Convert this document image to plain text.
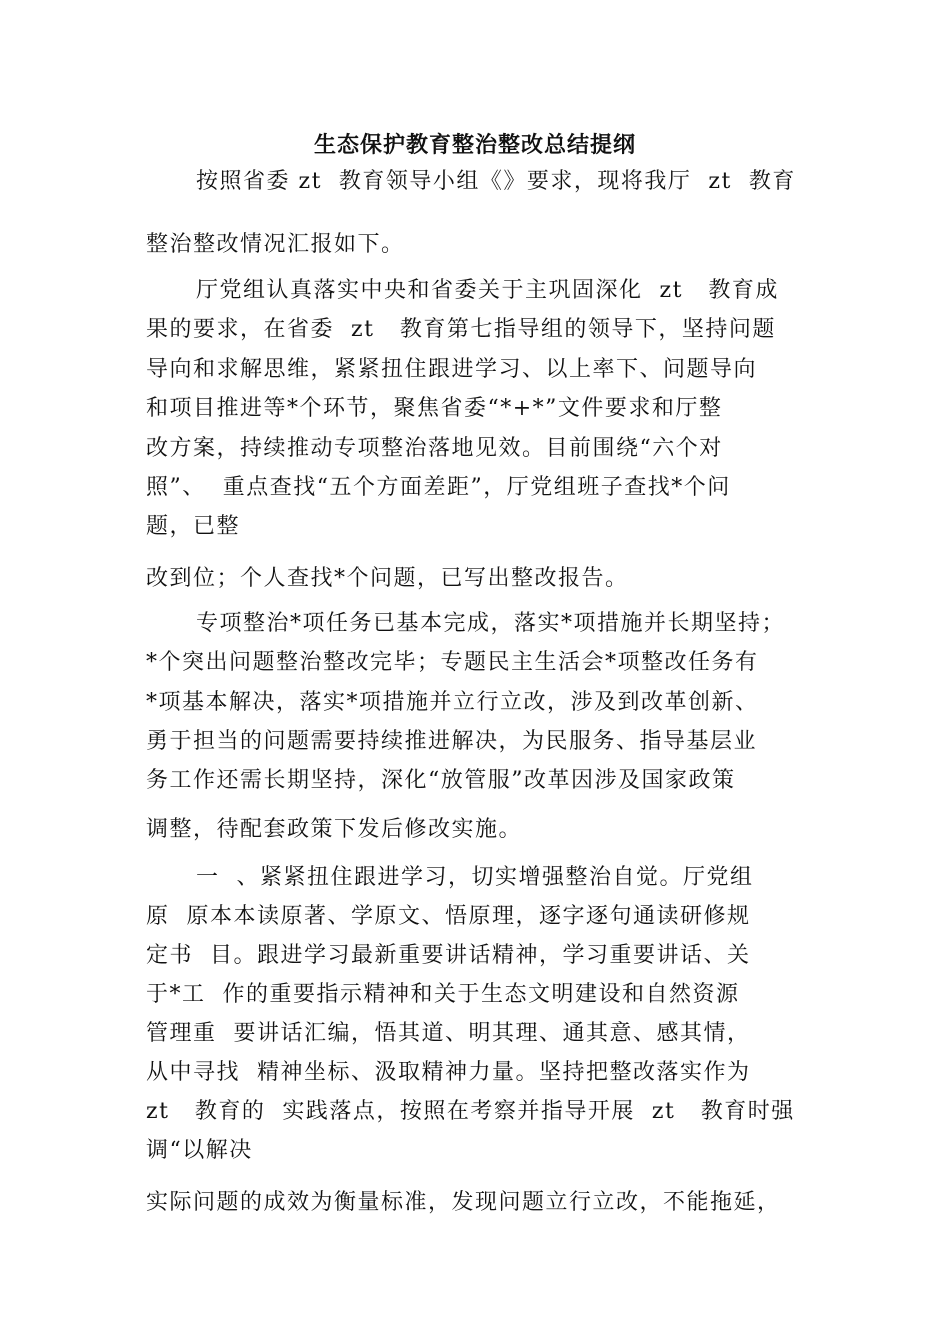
生态保护教育整治整改总结提纲
按照省委 zt  教育领导小组《》要求，现将我厅  zt  教育
整治整改情况汇报如下。
厅党组认真落实中央和省委关于主巩固深化  zt   教育成
果的要求，在省委  zt   教育第七指导组的领导下，坚持问题
导向和求解思维，紧紧扭住跟进学习、以上率下、问题导向
和项目推进等*个环节，聚焦省委“*+*”文件要求和厅整
改方案，持续推动专项整治落地见效。目前围绕“六个对
照”、  重点查找“五个方面差距”，厅党组班子查找*个问
题，已整
改到位；个人查找*个问题，已写出整改报告。
专项整治*项任务已基本完成，落实*项措施并长期坚持；
*个突出问题整治整改完毕；专题民主生活会*项整改任务有
*项基本解决，落实*项措施并立行立改，涉及到改革创新、
勇于担当的问题需要持续推进解决，为民服务、指导基层业
务工作还需长期坚持，深化“放管服”改革因涉及国家政策
调整，待配套政策下发后修改实施。
一  、紧紧扭住跟进学习，切实增强整治自觉。厅党组
原  原本本读原著、学原文、悟原理，逐字逐句通读研修规
定书  目。跟进学习最新重要讲话精神，学习重要讲话、关
于*工  作的重要指示精神和关于生态文明建设和自然资源
管理重  要讲话汇编，悟其道、明其理、通其意、感其情，
从中寻找  精神坐标、汲取精神力量。坚持把整改落实作为
zt   教育的  实践落点，按照在考察并指导开展  zt   教育时强
调“以解决
实际问题的成效为衡量标准，发现问题立行立改，不能拖延，
